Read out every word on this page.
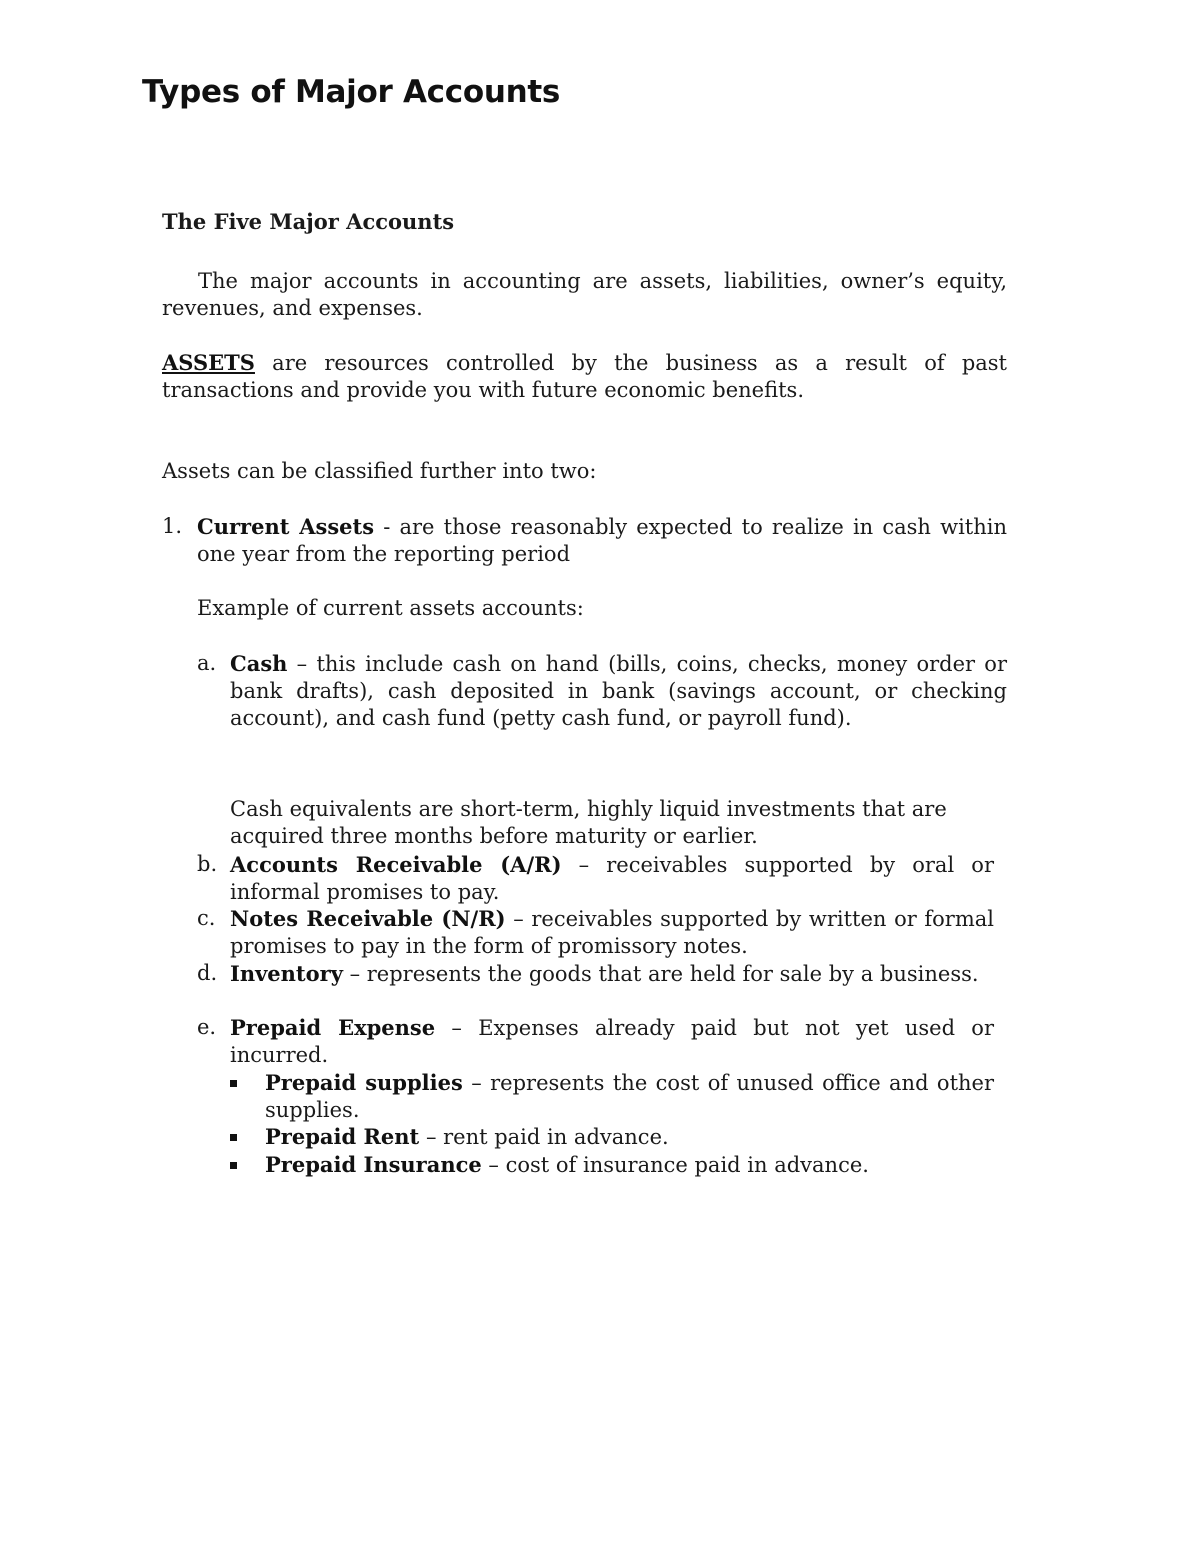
Types of Major Accounts
The Five Major Accounts

The major accounts in accounting are assets, liabilities, owner’s equity, revenues, and expenses.

ASSETS are resources controlled by the business as a result of past transactions and provide you with future economic benefits.

Assets can be classified further into two:

1. Current Assets - are those reasonably expected to realize in cash within one year from the reporting period
Example of current assets accounts:
a. Cash – this include cash on hand (bills, coins, checks, money order or bank drafts), cash deposited in bank (savings account, or checking account), and cash fund (petty cash fund, or payroll fund).
Cash equivalents are short-term, highly liquid investments that are acquired three months before maturity or earlier.
b. Accounts Receivable (A/R) – receivables supported by oral or informal promises to pay.
c. Notes Receivable (N/R) – receivables supported by written or formal promises to pay in the form of promissory notes.
d. Inventory – represents the goods that are held for sale by a business.
e. Prepaid Expense – Expenses already paid but not yet used or incurred.
Prepaid supplies – represents the cost of unused office and other supplies.
Prepaid Rent – rent paid in advance.
Prepaid Insurance – cost of insurance paid in advance.
